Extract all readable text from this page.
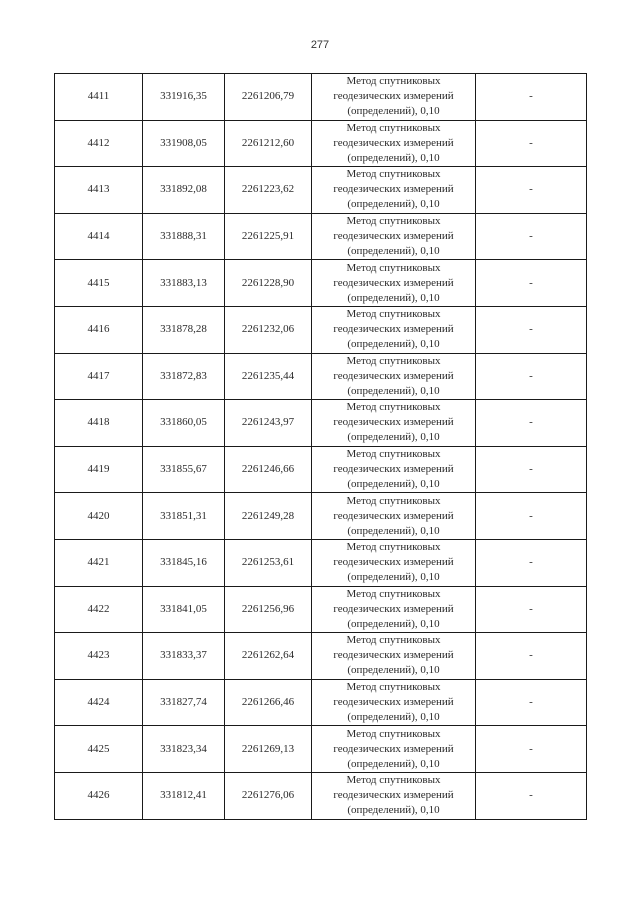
277
4411	331916,35	2261206,79	Метод спутниковых
геодезических измерений
(определений), 0,10	-
4412	331908,05	2261212,60	Метод спутниковых
геодезических измерений
(определений), 0,10	-
4413	331892,08	2261223,62	Метод спутниковых
геодезических измерений
(определений), 0,10	-
4414	331888,31	2261225,91	Метод спутниковых
геодезических измерений
(определений), 0,10	-
4415	331883,13	2261228,90	Метод спутниковых
геодезических измерений
(определений), 0,10	-
4416	331878,28	2261232,06	Метод спутниковых
геодезических измерений
(определений), 0,10	-
4417	331872,83	2261235,44	Метод спутниковых
геодезических измерений
(определений), 0,10	-
4418	331860,05	2261243,97	Метод спутниковых
геодезических измерений
(определений), 0,10	-
4419	331855,67	2261246,66	Метод спутниковых
геодезических измерений
(определений), 0,10	-
4420	331851,31	2261249,28	Метод спутниковых
геодезических измерений
(определений), 0,10	-
4421	331845,16	2261253,61	Метод спутниковых
геодезических измерений
(определений), 0,10	-
4422	331841,05	2261256,96	Метод спутниковых
геодезических измерений
(определений), 0,10	-
4423	331833,37	2261262,64	Метод спутниковых
геодезических измерений
(определений), 0,10	-
4424	331827,74	2261266,46	Метод спутниковых
геодезических измерений
(определений), 0,10	-
4425	331823,34	2261269,13	Метод спутниковых
геодезических измерений
(определений), 0,10	-
4426	331812,41	2261276,06	Метод спутниковых
геодезических измерений
(определений), 0,10	-
